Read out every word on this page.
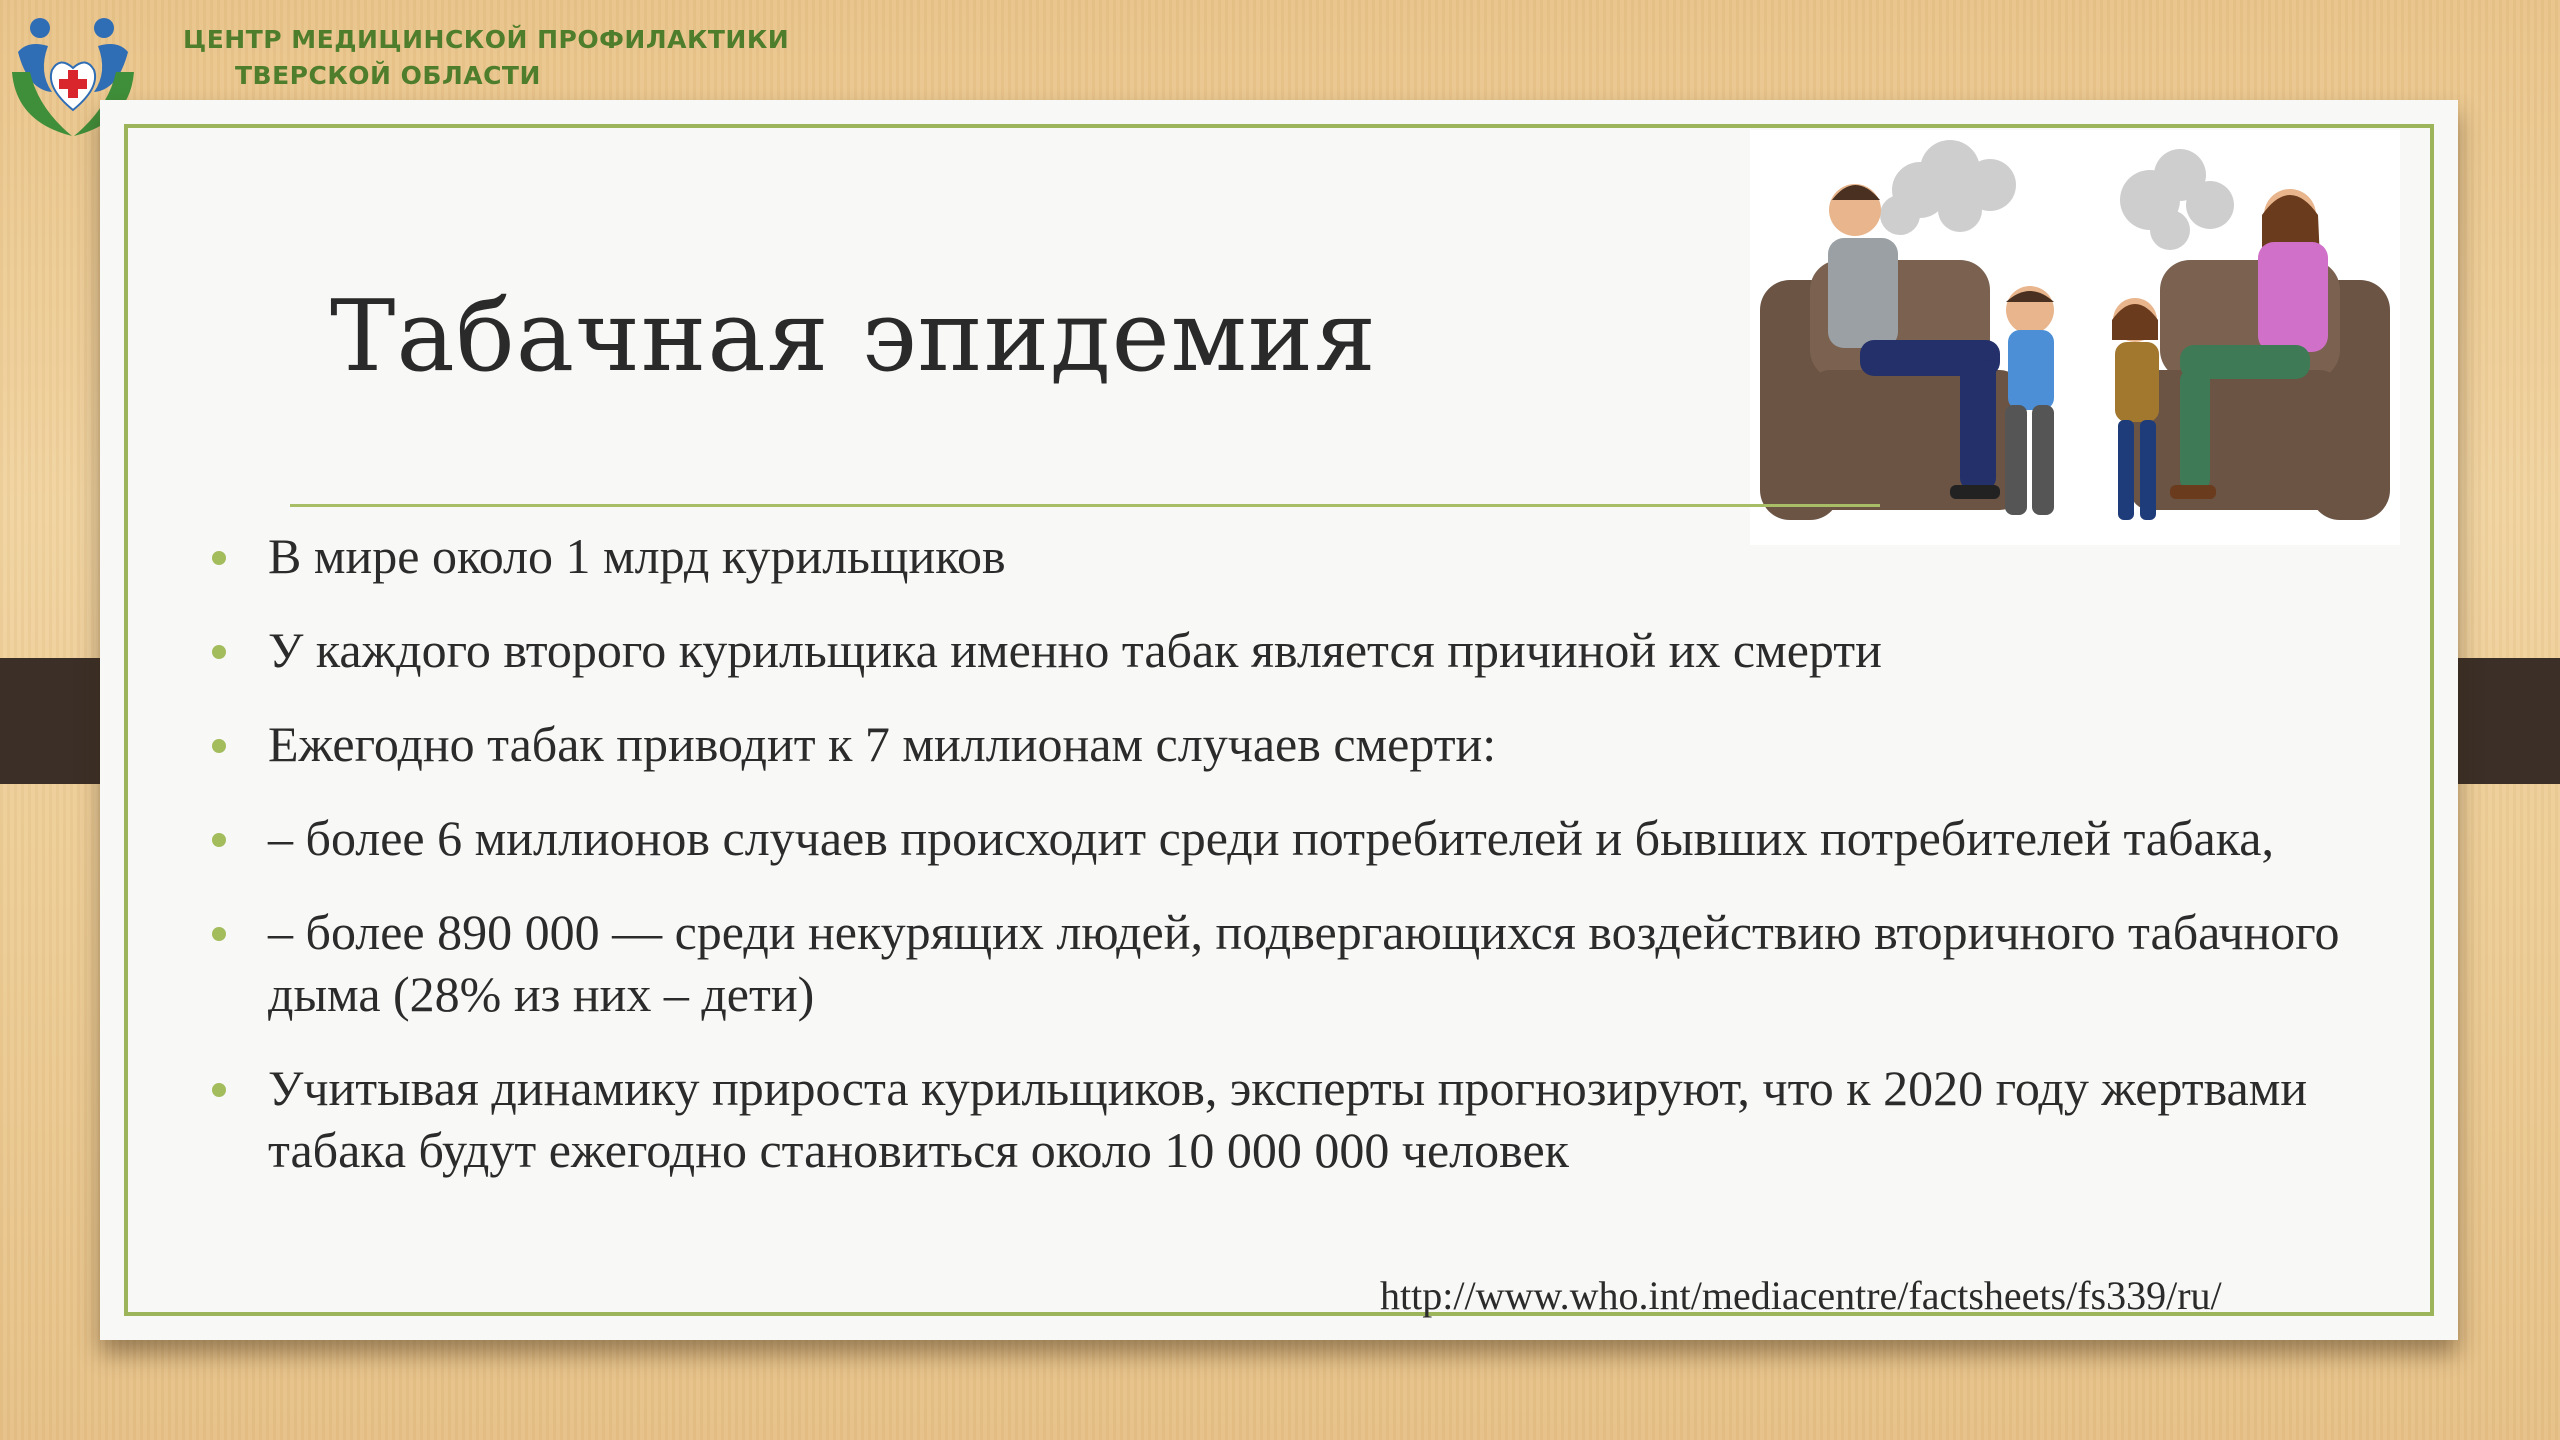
ЦЕНТР МЕДИЦИНСКОЙ ПРОФИЛАКТИКИ
ТВЕРСКОЙ ОБЛАСТИ
Табачная эпидемия
В мире около 1 млрд курильщиков
У каждого второго курильщика именно табак является причиной их смерти
Ежегодно табак приводит к 7 миллионам случаев смерти:
– более 6 миллионов случаев происходит среди потребителей и бывших потребителей табака,
– более 890 000 — среди некурящих людей, подвергающихся воздействию вторичного табачного дыма (28% из них – дети)
Учитывая динамику прироста курильщиков, эксперты прогнозируют, что к 2020 году жертвами табака будут ежегодно становиться около 10 000 000 человек
http://www.who.int/mediacentre/factsheets/fs339/ru/
